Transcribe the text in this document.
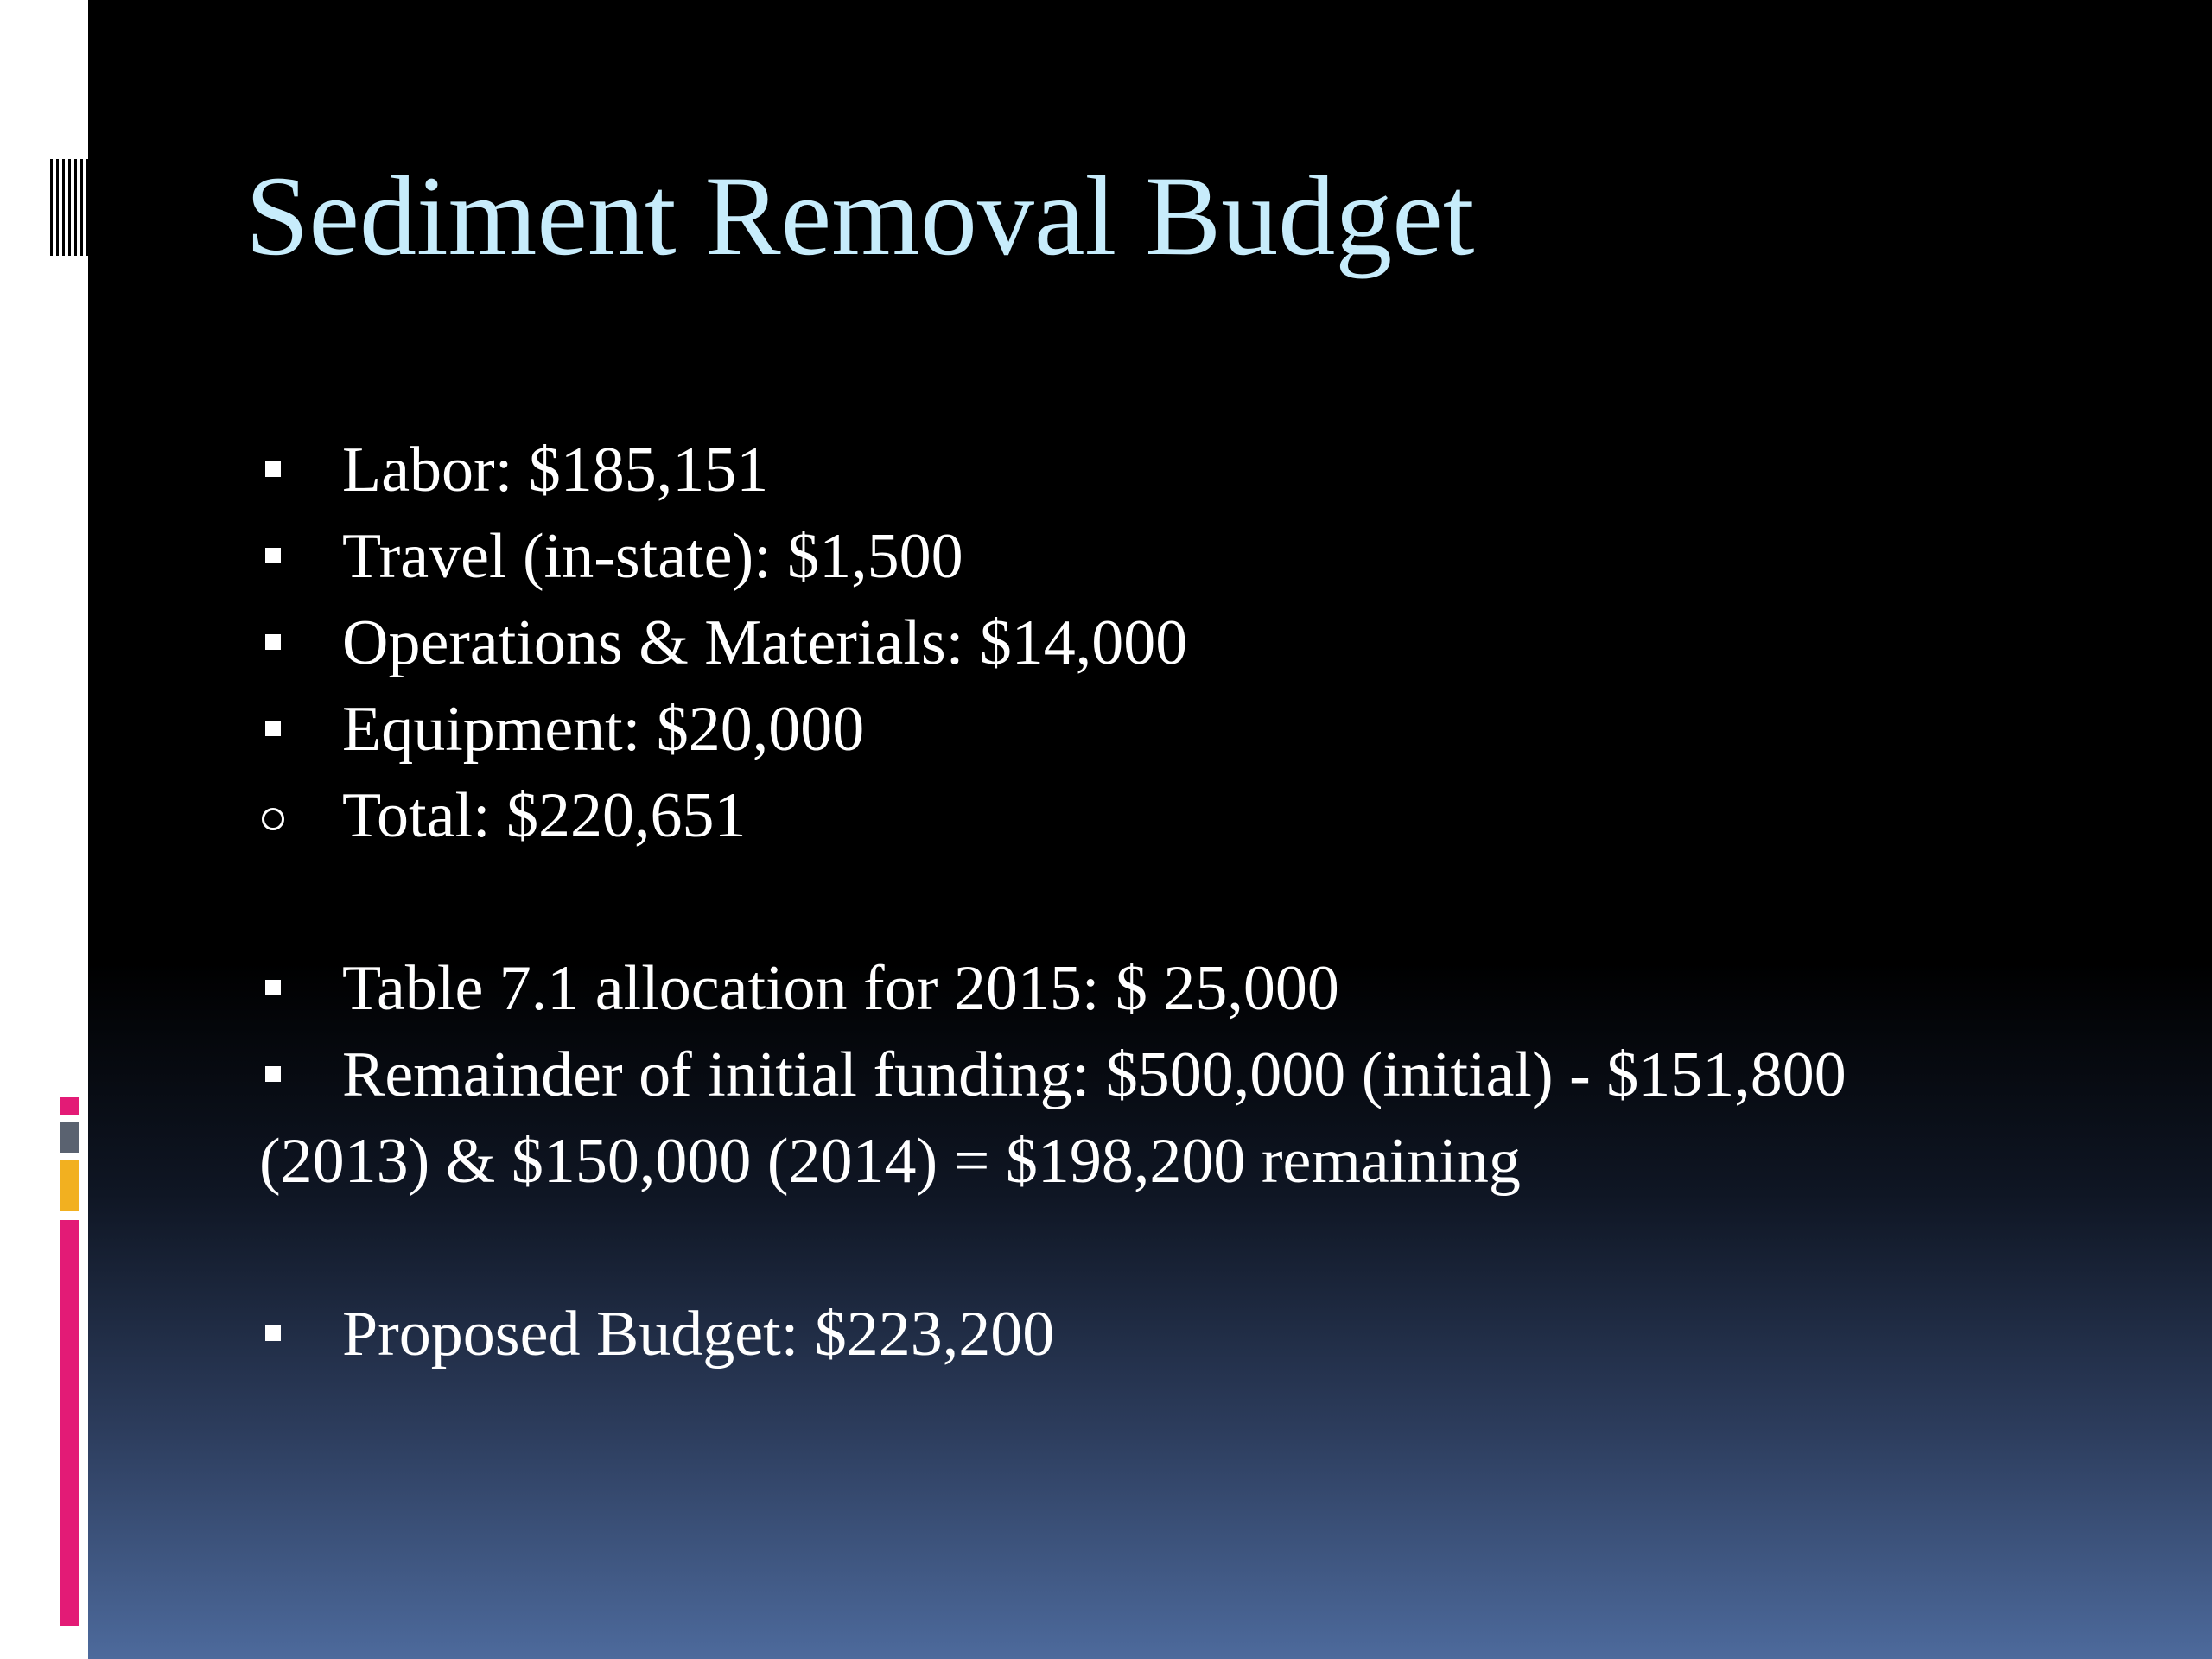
Sediment Removal Budget
Labor: $185,151
Travel (in-state): $1,500
Operations & Materials: $14,000
Equipment: $20,000
Total: $220,651
Table 7.1 allocation for 2015: $ 25,000
Remainder of initial funding: $500,000 (initial) - $151,800
(2013) & $150,000 (2014) = $198,200 remaining
Proposed Budget: $223,200
